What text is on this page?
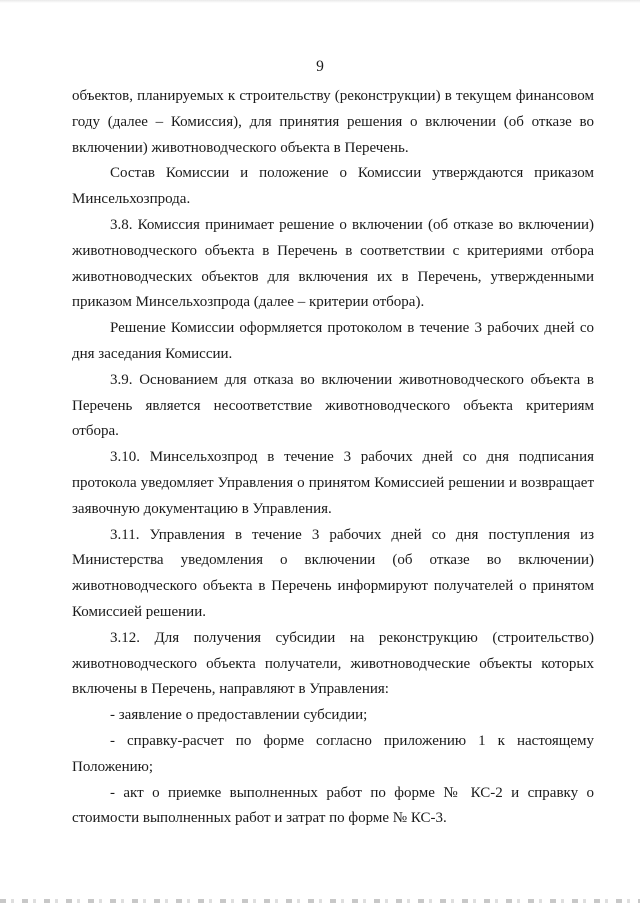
9

объектов, планируемых к строительству (реконструкции) в текущем финансовом году (далее – Комиссия), для принятия решения о включении (об отказе во включении) животноводческого объекта в Перечень.

Состав Комиссии и положение о Комиссии утверждаются приказом Минсельхозпрода.

3.8. Комиссия принимает решение о включении (об отказе во включении) животноводческого объекта в Перечень в соответствии с критериями отбора животноводческих объектов для включения их в Перечень, утвержденными приказом Минсельхозпрода (далее – критерии отбора).

Решение Комиссии оформляется протоколом в течение 3 рабочих дней со дня заседания Комиссии.

3.9. Основанием для отказа во включении животноводческого объекта в Перечень является несоответствие животноводческого объекта критериям отбора.

3.10. Минсельхозпрод в течение 3 рабочих дней со дня подписания протокола уведомляет Управления о принятом Комиссией решении и возвращает заявочную документацию в Управления.

3.11. Управления в течение 3 рабочих дней со дня поступления из Министерства уведомления о включении (об отказе во включении) животноводческого объекта в Перечень информируют получателей о принятом Комиссией решении.

3.12. Для получения субсидии на реконструкцию (строительство) животноводческого объекта получатели, животноводческие объекты которых включены в Перечень, направляют в Управления:

- заявление о предоставлении субсидии;

- справку-расчет по форме согласно приложению 1 к настоящему Положению;

- акт о приемке выполненных работ по форме № КС-2 и справку о стоимости выполненных работ и затрат по форме № КС-3.
